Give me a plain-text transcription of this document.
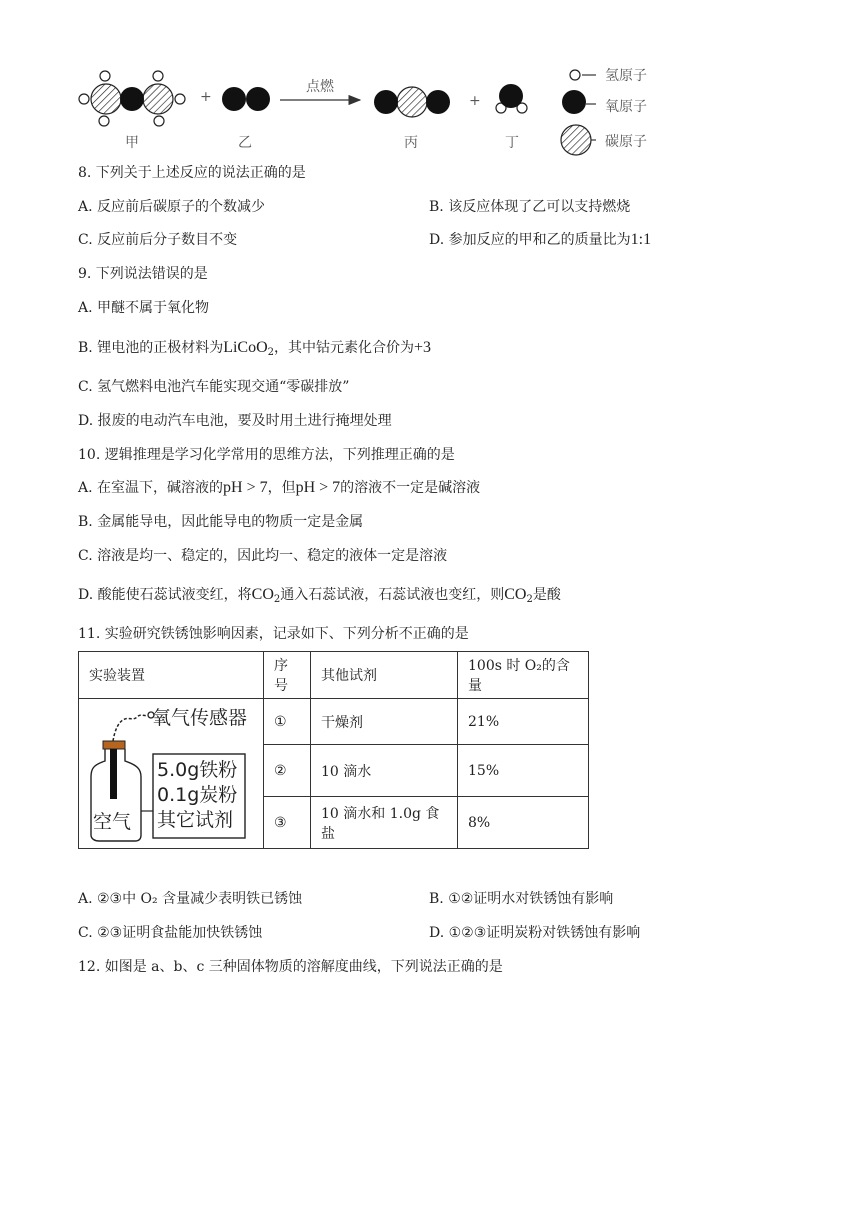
甲
+
乙
点燃
丙
+
丁
氢原子
氧原子
碳原子
8. 下列关于上述反应的说法正确的是
A. 反应前后碳原子的个数减少	B. 该反应体现了乙可以支持燃烧
C. 反应前后分子数目不变	D. 参加反应的甲和乙的质量比为1:1
9. 下列说法错误的是
A. 甲醚不属于氧化物
B. 锂电池的正极材料为LiCoO$_2$，其中钴元素化合价为+3
C. 氢气燃料电池汽车能实现交通“零碳排放”
D. 报废的电动汽车电池，要及时用土进行掩埋处理
10. 逻辑推理是学习化学常用的思维方法，下列推理正确的是
A. 在室温下，碱溶液的pH > 7，但pH > 7的溶液不一定是碱溶液
B. 金属能导电，因此能导电的物质一定是金属
C. 溶液是均一、稳定的，因此均一、稳定的液体一定是溶液
D. 酸能使石蕊试液变红，将$CO_2$通入石蕊试液，石蕊试液也变红，则$CO_2$是酸
11. 实验研究铁锈蚀影响因素，记录如下、下列分析不正确的是
实验装置	序号	其他试剂	100s 时 O₂的含量

氧气传感器
空气
5.0g铁粉
0.1g炭粉
其它试剂	①	干燥剂	21%
	②	10 滴水	15%
	③	10 滴水和 1.0g 食盐	8%
A. ②③中 O₂ 含量减少表明铁已锈蚀	B. ①②证明水对铁锈蚀有影响
C. ②③证明食盐能加快铁锈蚀	D. ①②③证明炭粉对铁锈蚀有影响
12. 如图是 a、b、c 三种固体物质的溶解度曲线，下列说法正确的是
